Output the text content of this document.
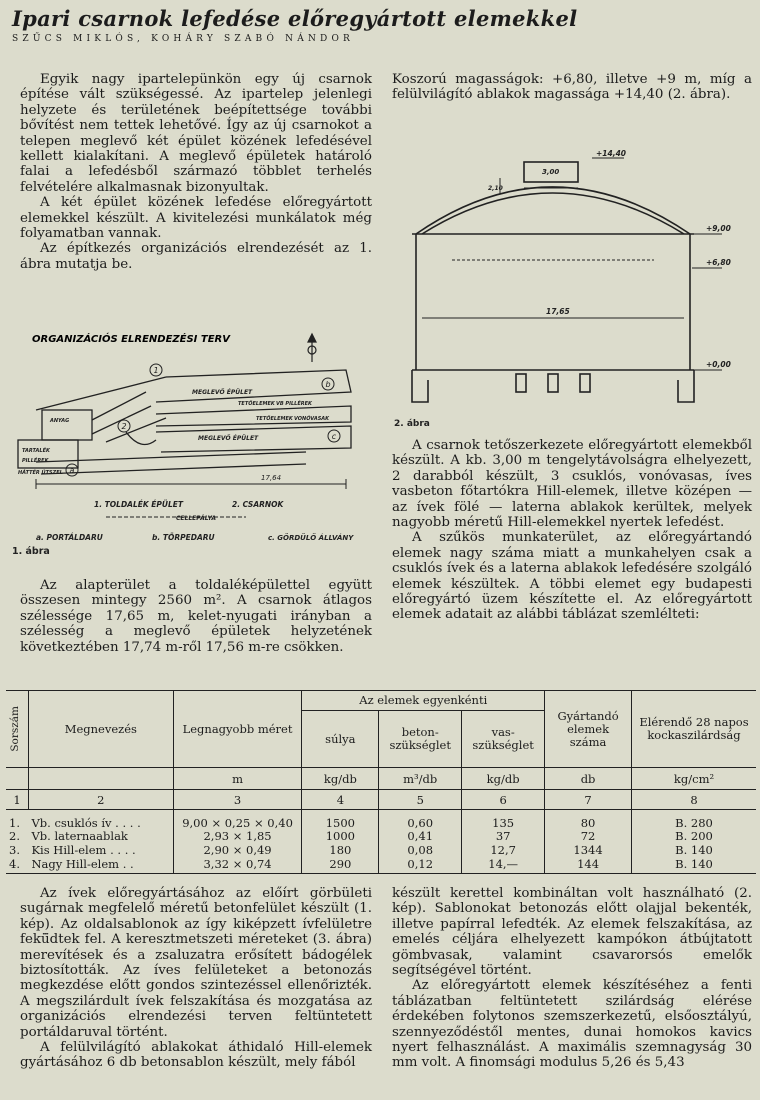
Ipari csarnok lefedése előregyártott elemekkel
SZŰCS MIKLÓS, KOHÁRY SZABÓ NÁNDOR

Egyik nagy ipartelepünkön egy új csarnok építése vált szükségessé. Az ipartelep jelenlegi helyzete és területének beépítettsége további bővítést nem tettek lehetővé. Így az új csarnokot a telepen meglevő két épület közének lefedésével kellett kialakítani. A meglevő épületek határoló falai a lefedésből származó többlet terhelés felvételére alkalmasnak bizonyultak.

A két épület közének lefedése előregyártott elemekkel készült. A kivitelezési munkálatok még folyamatban vannak.

Az építkezés organizációs elrendezését az 1. ábra mutatja be.

ORGANIZÁCIÓS ELRENDEZÉSI TERV
MEGLEVŐ ÉPÜLET
MEGLEVŐ ÉPÜLET
TETŐELEMEK VB PILLÉREK
TETŐELEMEK VONÓVASAK
ANYAG
TARTALÉK
PILLÉREK
HÁTTÉR ÚTSZEL
1
b
2
c
a
17,64
1. TOLDALÉK ÉPÜLET	2. CSARNOK
CELLEPÁLYA
a. PORTÁLDARU	b. TÖRPEDARU	c. GÖRDÜLŐ ÁLLVÁNY
1. ábra

Az alapterület a toldaléképülettel együtt összesen mintegy 2560 m². A csarnok átlagos szélessége 17,65 m, kelet-nyugati irányban a szélesség a meglevő épületek helyzetének következtében 17,74 m-ről 17,56 m-re csökken.

Koszorú magasságok: +6,80, illetve +9 m, míg a felülvilágító ablakok magassága +14,40 (2. ábra).

+14,40
+9,00
+6,80
+0,00
3,00
2,10
17,65
2. ábra

A csarnok tetőszerkezete előregyártott elemekből készült. A kb. 3,00 m tengelytávolságra elhelyezett, 2 darabból készült, 3 csuklós, vonóvasas, íves vasbeton főtartókra Hill-elemek, illetve középen — az ívek fölé — laterna ablakok kerültek, melyek nagyobb méretű Hill-elemekkel nyertek lefedést.

A szűkös munkaterület, az előregyártandó elemek nagy száma miatt a munkahelyen csak a csuklós ívek és a laterna ablakok lefedésére szolgáló elemek készültek. A többi elemet egy budapesti előregyártó üzem készítette el. Az előregyártott elemek adatait az alábbi táblázat szemlélteti:

Sorszám	Megnevezés	Legnagyobb méret	Az elemek egyenkénti			Gyártandó elemek száma	Elérendő 28 napos kockaszilárdság
			súlya	beton-szükséglet	vas-szükséglet		
		m	kg/db	m³/db	kg/db	db	kg/cm²
1	2	3	4	5	6	7	8
1.	Vb. csuklós ív . . . .	9,00 × 0,25 × 0,40	1500	0,60	135	80	B. 280
2.	Vb. laternaablak	2,93 × 1,85	1000	0,41	37	72	B. 200
3.	Kis Hill-elem . . . .	2,90 × 0,49	180	0,08	12,7	1344	B. 140
4.	Nagy Hill-elem . .	3,32 × 0,74	290	0,12	14,—	144	B. 140

Az ívek előregyártásához az előírt görbületi sugárnak megfelelő méretű betonfelület készült (1. kép). Az oldalsablonok az így kiképzett ívfelületre fekü̈dtek fel. A keresztmetszeti méreteket (3. ábra) merevítések és a zsaluzatra erősített bádogélek biztosították. Az íves felületeket a betonozás megkezdése előtt gondos szintezéssel ellenőrizték. A megszilárdult ívek felszakítása és mozgatása az organizációs elrendezési terven feltüntetett portáldaruval történt.

A felülvilágító ablakokat áthidaló Hill-elemek gyártásához 6 db betonsablon készült, mely fából

készült kerettel kombináltan volt használható (2. kép). Sablonokat betonozás előtt olajjal bekenték, illetve papírral lefedték. Az elemek felszakítása, az emelés céljára elhelyezett kampókon átbújtatott gömbvasak, valamint csavarorsós emelők segítségével történt.

Az előregyártott elemek készítéséhez a fenti táblázatban feltüntetett szilárdság elérése érdekében folytonos szemszerkezetű, elsőosztályú, szennyeződéstől mentes, dunai homokos kavics nyert felhasználást. A maximális szemnagyság 30 mm volt. A finomsági modulus 5,26 és 5,43
